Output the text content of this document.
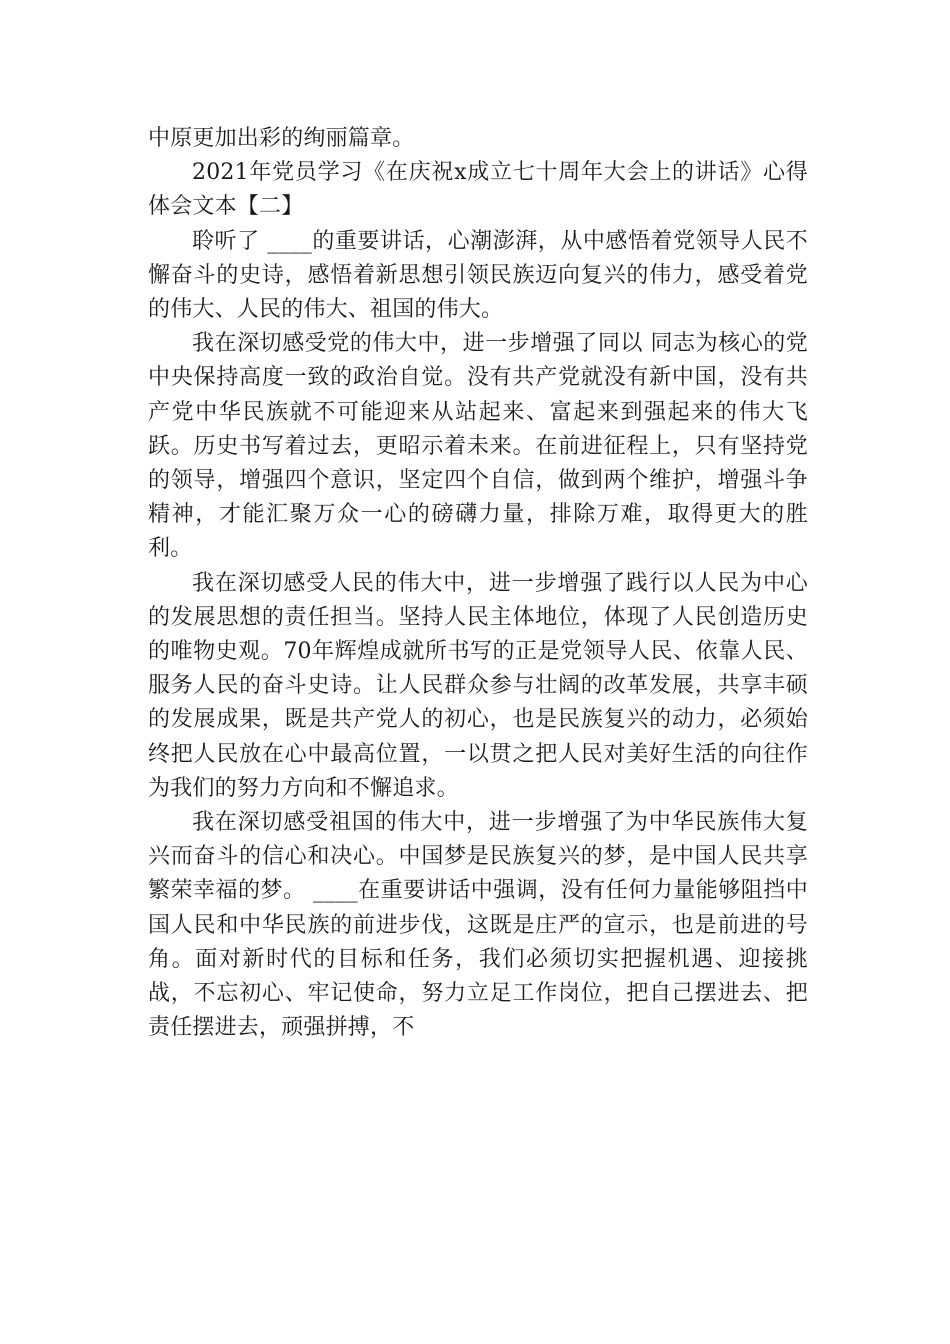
中原更加出彩的绚丽篇章。

2021年党员学习《在庆祝x成立七十周年大会上的讲话》心得体会文本【二】

聆听了 ____的重要讲话，心潮澎湃，从中感悟着党领导人民不懈奋斗的史诗，感悟着新思想引领民族迈向复兴的伟力，感受着党的伟大、人民的伟大、祖国的伟大。

我在深切感受党的伟大中，进一步增强了同以 同志为核心的党中央保持高度一致的政治自觉。没有共产党就没有新中国，没有共产党中华民族就不可能迎来从站起来、富起来到强起来的伟大飞跃。历史书写着过去，更昭示着未来。在前进征程上，只有坚持党的领导，增强四个意识，坚定四个自信，做到两个维护，增强斗争精神，才能汇聚万众一心的磅礴力量，排除万难，取得更大的胜利。

我在深切感受人民的伟大中，进一步增强了践行以人民为中心的发展思想的责任担当。坚持人民主体地位，体现了人民创造历史的唯物史观。70年辉煌成就所书写的正是党领导人民、依靠人民、服务人民的奋斗史诗。让人民群众参与壮阔的改革发展，共享丰硕的发展成果，既是共产党人的初心，也是民族复兴的动力，必须始终把人民放在心中最高位置，一以贯之把人民对美好生活的向往作为我们的努力方向和不懈追求。

我在深切感受祖国的伟大中，进一步增强了为中华民族伟大复兴而奋斗的信心和决心。中国梦是民族复兴的梦，是中国人民共享繁荣幸福的梦。 ____在重要讲话中强调，没有任何力量能够阻挡中国人民和中华民族的前进步伐，这既是庄严的宣示，也是前进的号角。面对新时代的目标和任务，我们必须切实把握机遇、迎接挑战，不忘初心、牢记使命，努力立足工作岗位，把自己摆进去、把责任摆进去，顽强拼搏，不
